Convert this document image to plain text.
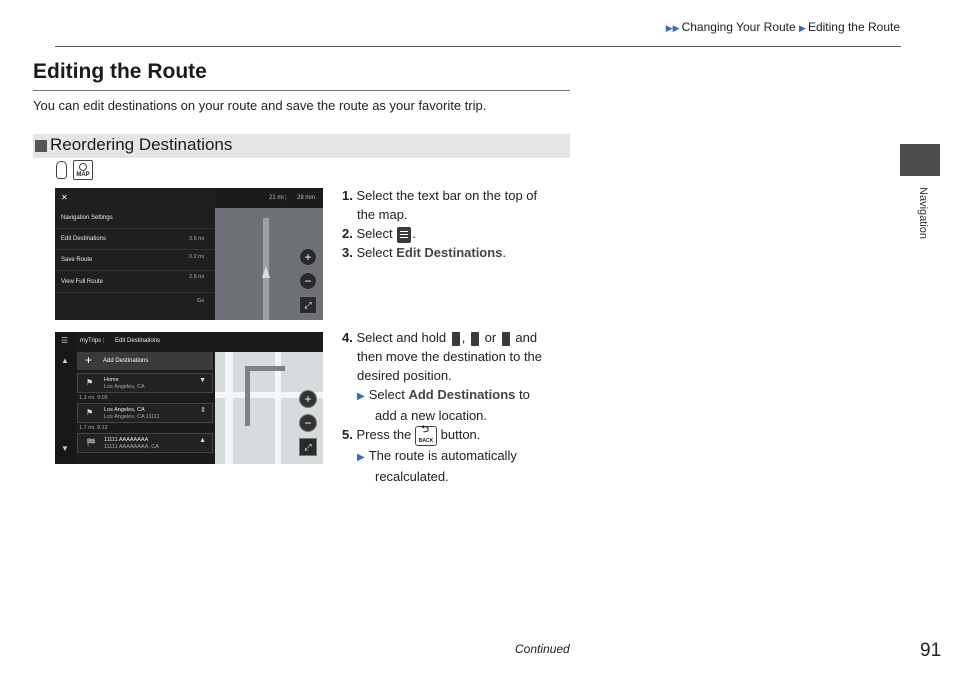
▶▶ Changing Your Route ▶ Editing the Route
Navigation
Editing the Route
You can edit destinations on your route and save the route as your favorite trip.
Reordering Destinations
MAP
21 mi | 28 min
✕
Navigation Settings
Edit Destinations
Save Route
View Full Route
3.6 mi
0.2 mi
2.8 mi
Go
+
−
⤢
☰
▲
▼
myTrips | Edit Destinations
+ Add Destinations
⚑ Home
Los Angeles, CA
▼
1.3 mi. 9:05
⚑ Los Angeles, CA
Los Angeles, CA 11111
⇕
1.7 mi. 9:12
🏁︎ 11111 AAAAAAAA
11111 AAAAAAAA, CA
▲
+
−
⤢
1. Select the text bar on the top of
the map.
2. Select .
3. Select Edit Destinations.
4. Select and hold , or and
then move the destination to the
desired position.
▶ Select Add Destinations to
add a new location.
5. Press the ⮌ BACK button.
▶ The route is automatically
recalculated.
Continued	91
